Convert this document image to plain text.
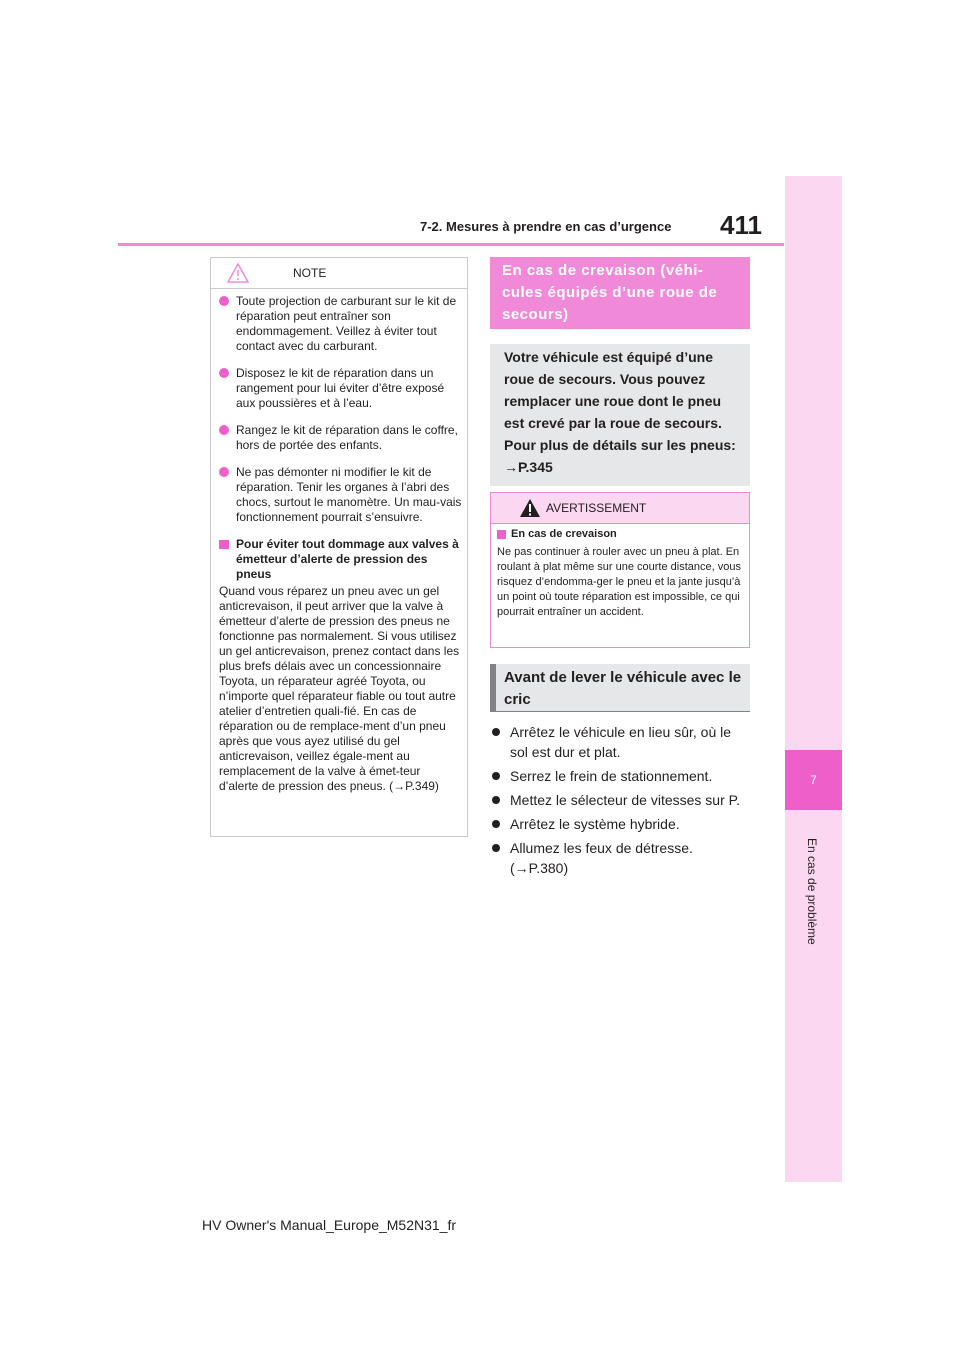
7-2. Mesures à prendre en cas d’urgence 411
7
En cas de problème
NOTE
Toute projection de carburant sur le kit de réparation peut entraîner son endommagement. Veillez à éviter tout contact avec du carburant.
Disposez le kit de réparation dans un rangement pour lui éviter d’être exposé aux poussières et à l’eau.
Rangez le kit de réparation dans le coffre, hors de portée des enfants.
Ne pas démonter ni modifier le kit de réparation. Tenir les organes à l’abri des chocs, surtout le manomètre. Un mau-vais fonctionnement pourrait s’ensuivre.
Pour éviter tout dommage aux valves à émetteur d’alerte de pression des pneus
Quand vous réparez un pneu avec un gel anticrevaison, il peut arriver que la valve à émetteur d’alerte de pression des pneus ne fonctionne pas normalement. Si vous utilisez un gel anticrevaison, prenez contact dans les plus brefs délais avec un concessionnaire Toyota, un réparateur agréé Toyota, ou n’importe quel réparateur fiable ou tout autre atelier d’entretien quali-fié. En cas de réparation ou de remplace-ment d’un pneu après que vous ayez utilisé du gel anticrevaison, veillez égale-ment au remplacement de la valve à émet-teur d’alerte de pression des pneus. (→P.349)
En cas de crevaison (véhi-cules équipés d’une roue de secours)

Votre véhicule est équipé d’une

roue de secours. Vous pouvez

remplacer une roue dont le pneu

est crevé par la roue de secours.

Pour plus de détails sur les pneus:

→P.345

AVERTISSEMENT
En cas de crevaison
Ne pas continuer à rouler avec un pneu à plat. En roulant à plat même sur une courte distance, vous risquez d’endomma-ger le pneu et la jante jusqu’à un point où toute réparation est impossible, ce qui pourrait entraîner un accident.
Avant de lever le véhicule avec le cric
Arrêtez le véhicule en lieu sûr, où le sol est dur et plat.
Serrez le frein de stationnement.
Mettez le sélecteur de vitesses sur P.
Arrêtez le système hybride.
Allumez les feux de détresse. (→P.380)
HV Owner's Manual_Europe_M52N31_fr
